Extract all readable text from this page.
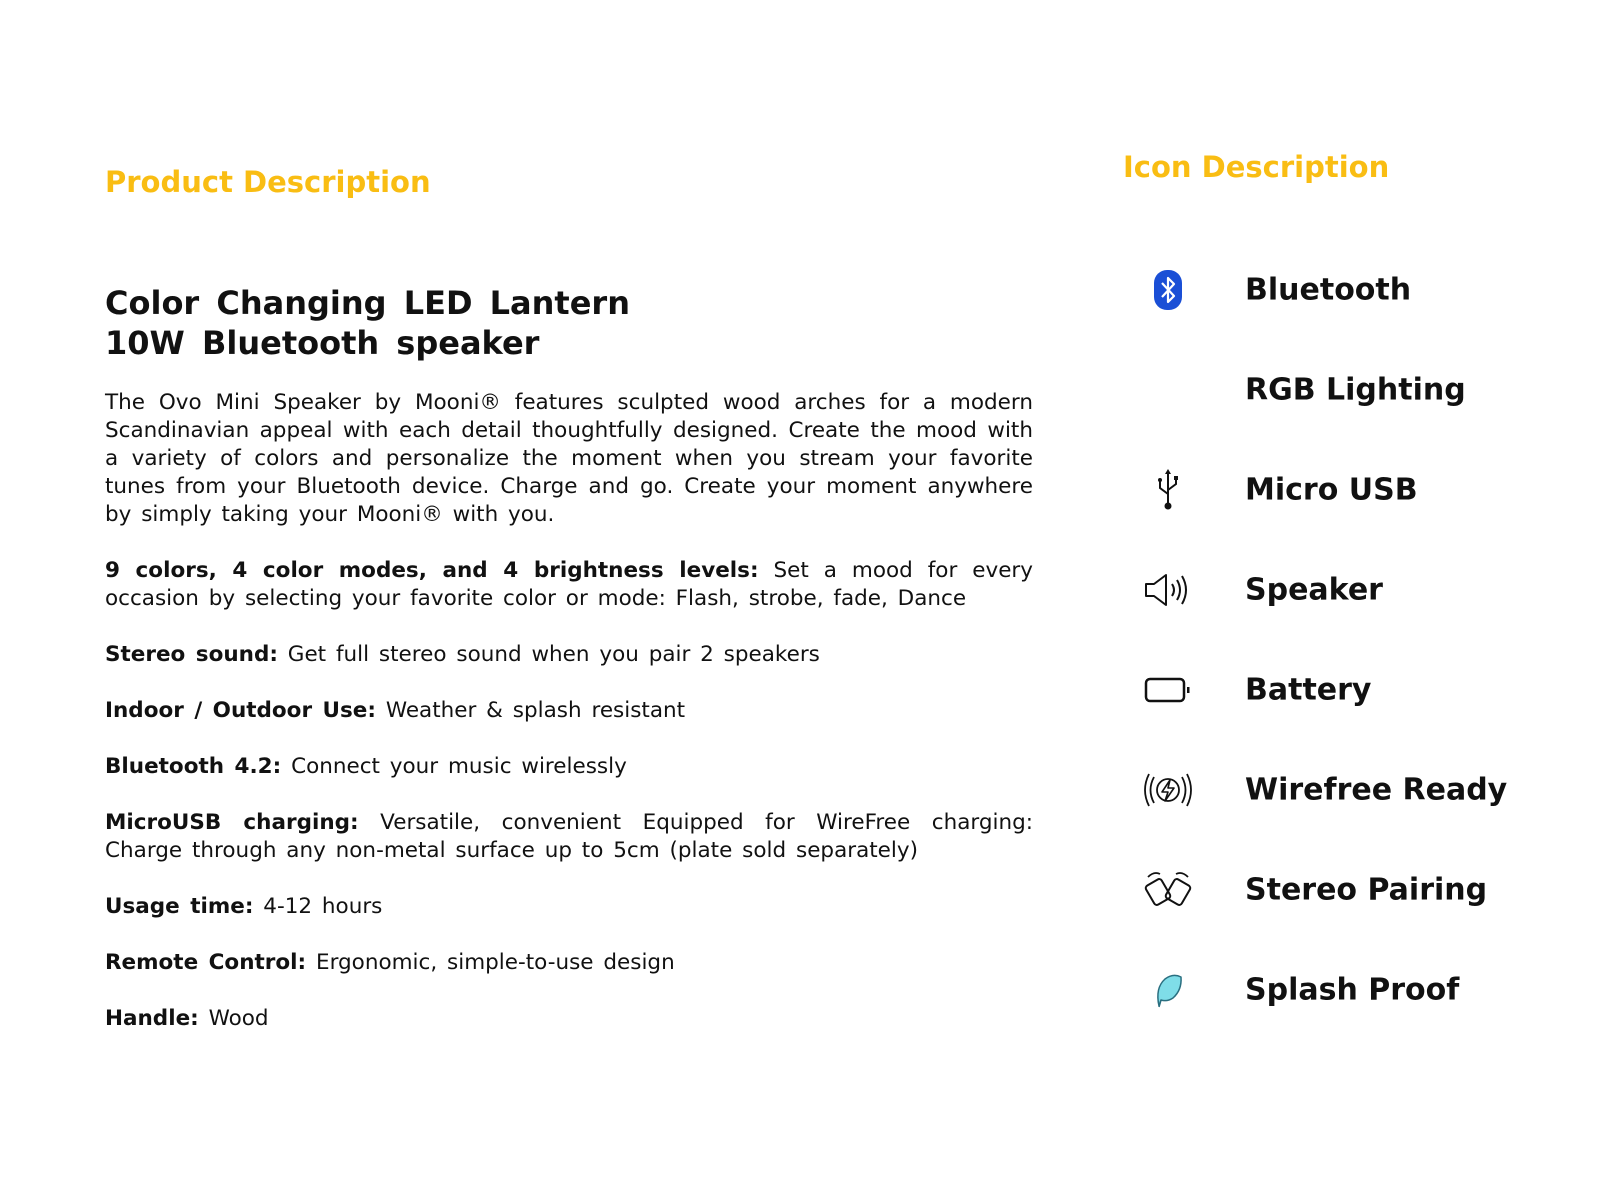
Product Description	Icon Description
Color Changing LED Lantern
10W Bluetooth speaker

The Ovo Mini Speaker by Mooni® features sculpted wood arches for a modern Scandinavian appeal with each detail thoughtfully designed. Create the mood with a variety of colors and personalize the moment when you stream your favorite tunes from your Bluetooth device. Charge and go. Create your moment anywhere by simply taking your Mooni® with you.

9 colors, 4 color modes, and 4 brightness levels: Set a mood for every occasion by selecting your favorite color or mode: Flash, strobe, fade, Dance

Stereo sound: Get full stereo sound when you pair 2 speakers

Indoor / Outdoor Use: Weather & splash resistant

Bluetooth 4.2: Connect your music wirelessly

MicroUSB charging: Versatile, convenient Equipped for WireFree charging: Charge through any non-metal surface up to 5cm (plate sold separately)

Usage time: 4-12 hours

Remote Control: Ergonomic, simple-to-use design

Handle: Wood

Bluetooth
RGB Lighting
Micro USB
Speaker
Battery
Wirefree Ready
Stereo Pairing
Splash Proof
